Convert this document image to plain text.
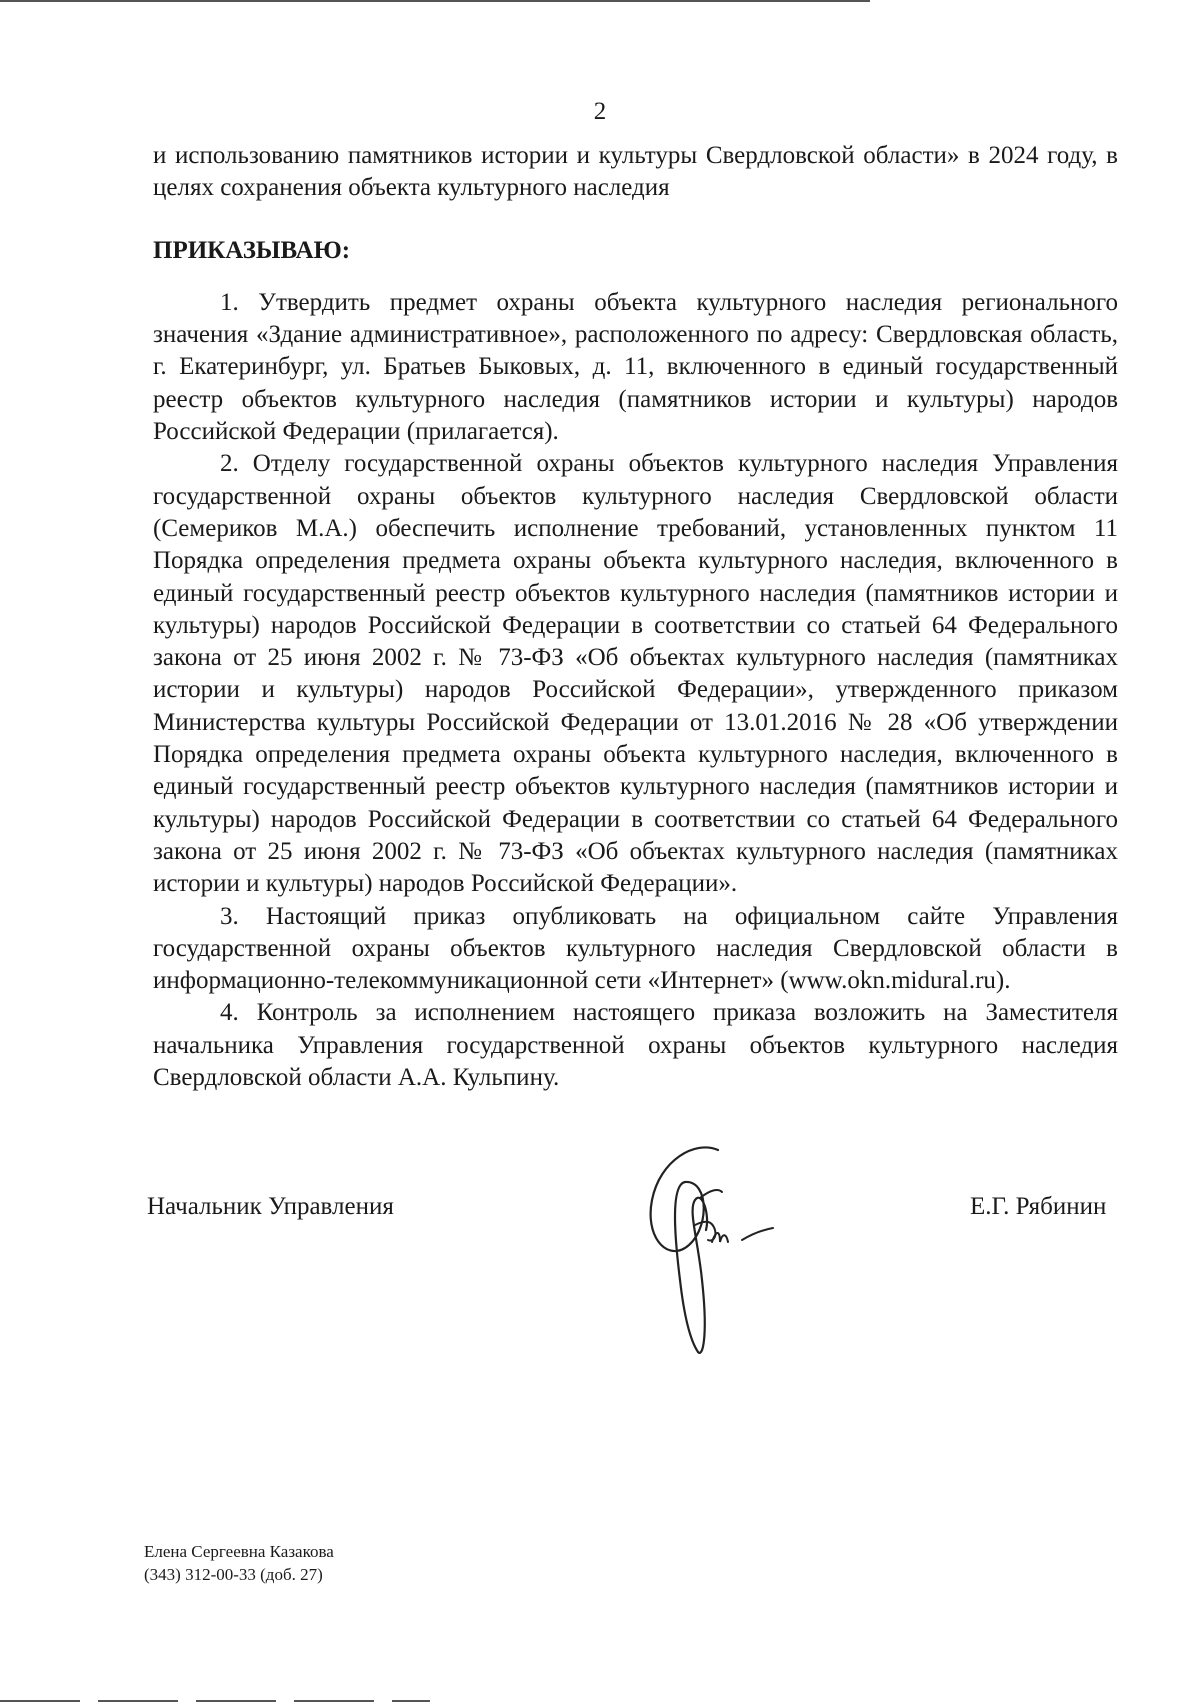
2

и использованию памятников истории и культуры Свердловской области» в 2024 году, в целях сохранения объекта культурного наследия

ПРИКАЗЫВАЮ:

1. Утвердить предмет охраны объекта культурного наследия регионального значения «Здание административное», расположенного по адресу: Свердловская область, г. Екатеринбург, ул. Братьев Быковых, д. 11, включенного в единый государственный реестр объектов культурного наследия (памятников истории и культуры) народов Российской Федерации (прилагается).

2. Отделу государственной охраны объектов культурного наследия Управления государственной охраны объектов культурного наследия Свердловской области (Семериков М.А.) обеспечить исполнение требований, установленных пунктом 11 Порядка определения предмета охраны объекта культурного наследия, включенного в единый государственный реестр объектов культурного наследия (памятников истории и культуры) народов Российской Федерации в соответствии со статьей 64 Федерального закона от 25 июня 2002 г. № 73-ФЗ «Об объектах культурного наследия (памятниках истории и культуры) народов Российской Федерации», утвержденного приказом Министерства культуры Российской Федерации от 13.01.2016 № 28 «Об утверждении Порядка определения предмета охраны объекта культурного наследия, включенного в единый государственный реестр объектов культурного наследия (памятников истории и культуры) народов Российской Федерации в соответствии со статьей 64 Федерального закона от 25 июня 2002 г. № 73-ФЗ «Об объектах культурного наследия (памятниках истории и культуры) народов Российской Федерации».

3. Настоящий приказ опубликовать на официальном сайте Управления государственной охраны объектов культурного наследия Свердловской области в информационно-телекоммуникационной сети «Интернет» (www.okn.midural.ru).

4. Контроль за исполнением настоящего приказа возложить на Заместителя начальника Управления государственной охраны объектов культурного наследия Свердловской области А.А. Кульпину.

Начальник Управления	Е.Г. Рябинин
Елена Сергеевна Казакова
(343) 312-00-33 (доб. 27)
